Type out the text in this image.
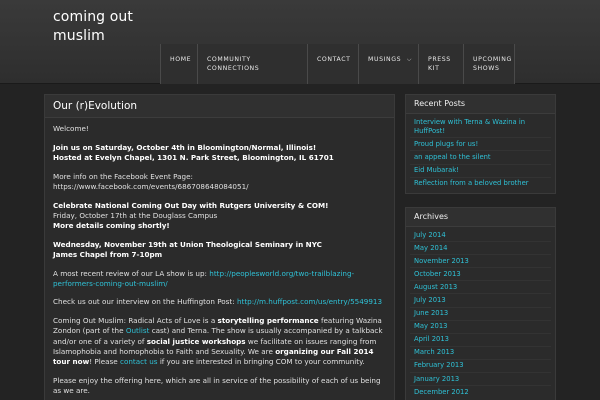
coming out muslim
HOME	COMMUNITY CONNECTIONS
CONTACT	MUSINGS ⌵	PRESS KIT
UPCOMING SHOWS
Our (r)Evolution

Welcome!

Join us on Saturday, October 4th in Bloomington/Normal, Illinois!
Hosted at Evelyn Chapel, 1301 N. Park Street, Bloomington, IL 61701

More info on the Facebook Event Page: https://www.facebook.com/events/686708648084051/

Celebrate National Coming Out Day with Rutgers University & COM!
Friday, October 17th at the Douglass Campus
More details coming shortly!

Wednesday, November 19th at Union Theological Seminary in NYC
James Chapel from 7-10pm

A most recent review of our LA show is up: http://peoplesworld.org/two-trailblazing-performers-coming-out-muslim/

Check us out our interview on the Huffington Post: http://m.huffpost.com/us/entry/5549913

Coming Out Muslim: Radical Acts of Love is a storytelling performance featuring Wazina Zondon (part of the Outlist cast) and Terna. The show is usually accompanied by a talkback and/or one of a variety of social justice workshops we facilitate on issues ranging from Islamophobia and homophobia to Faith and Sexuality. We are organizing our Fall 2014 tour now! Please contact us if you are interested in bringing COM to your community.

Please enjoy the offering here, which are all in service of the possibility of each of us being as we are.

Recent Posts
Interview with Terna & Wazina in HuffPost!
Proud plugs for us!
an appeal to the silent
Eid Mubarak!
Reflection from a beloved brother
Archives
July 2014
May 2014
November 2013
October 2013
August 2013
July 2013
June 2013
May 2013
April 2013
March 2013
February 2013
January 2013
December 2012
